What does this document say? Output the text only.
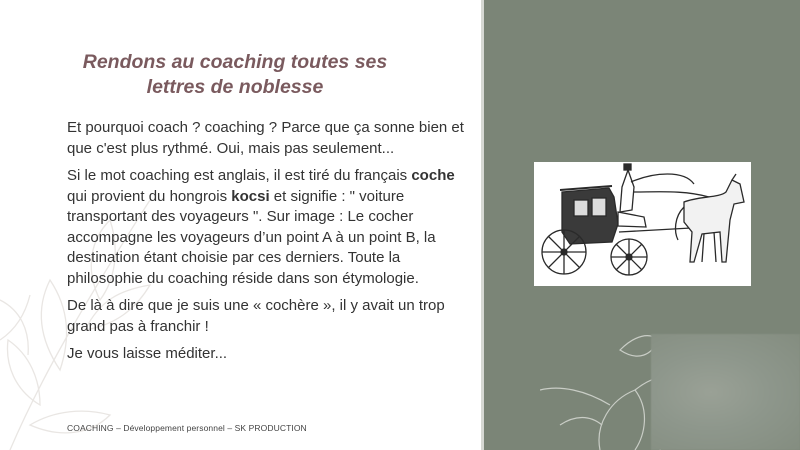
Rendons au coaching toutes ses
lettres de noblesse

Et pourquoi coach ? coaching ? Parce que ça sonne bien et que c'est plus rythmé. Oui, mais pas seulement...

Si le mot coaching est anglais, il est tiré du français coche qui provient du hongrois kocsi et signifie : " voiture transportant des voyageurs ". Sur image : Le cocher accompagne les voyageurs d’un point A à un point B, la destination étant choisie par ces derniers. Toute la philosophie du coaching réside dans son étymologie.

De là à dire que je suis une « cochère », il y avait un trop grand pas à franchir !

Je vous laisse méditer...

COACHING – Développement personnel – SK PRODUCTION
